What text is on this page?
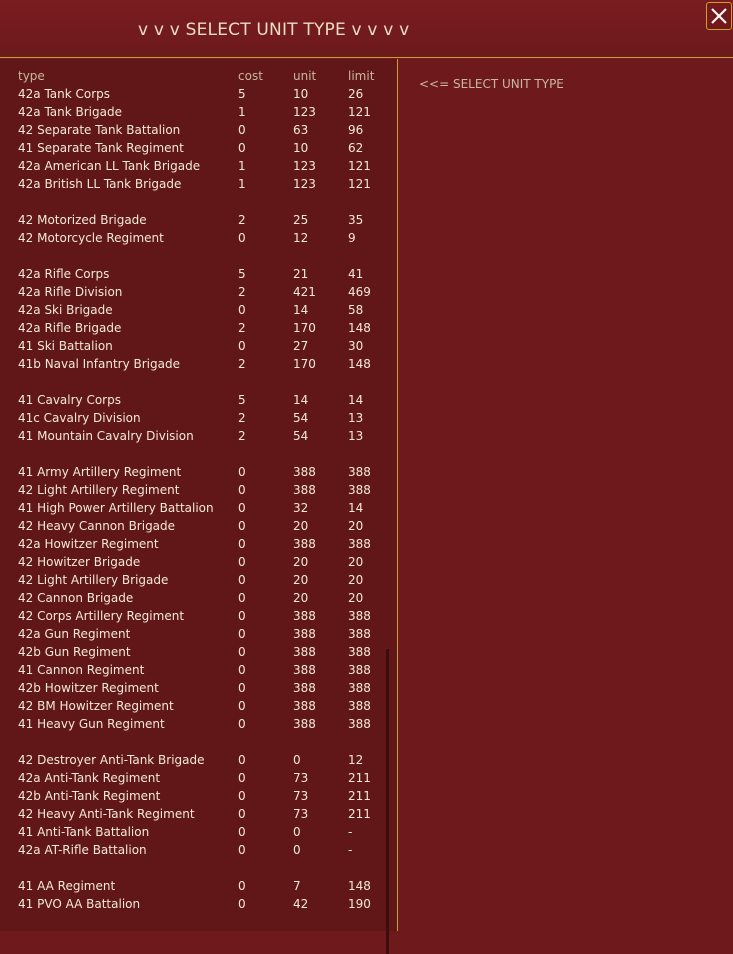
v v v SELECT UNIT TYPE v v v v
type	cost	unit	limit
42a Tank Corps	5	10	26
42a Tank Brigade	1	123	121
42 Separate Tank Battalion	0	63	96
41 Separate Tank Regiment	0	10	62
42a American LL Tank Brigade	1	123	121
42a British LL Tank Brigade	1	123	121
42 Motorized Brigade	2	25	35
42 Motorcycle Regiment	0	12	9
42a Rifle Corps	5	21	41
42a Rifle Division	2	421	469
42a Ski Brigade	0	14	58
42a Rifle Brigade	2	170	148
41 Ski Battalion	0	27	30
41b Naval Infantry Brigade	2	170	148
41 Cavalry Corps	5	14	14
41c Cavalry Division	2	54	13
41 Mountain Cavalry Division	2	54	13
41 Army Artillery Regiment	0	388	388
42 Light Artillery Regiment	0	388	388
41 High Power Artillery Battalion 0	32	14
42 Heavy Cannon Brigade	0	20	20
42a Howitzer Regiment	0	388	388
42 Howitzer Brigade	0	20	20
42 Light Artillery Brigade	0	20	20
42 Cannon Brigade	0	20	20
42 Corps Artillery Regiment	0	388	388
42a Gun Regiment	0	388	388
42b Gun Regiment	0	388	388
41 Cannon Regiment	0	388	388
42b Howitzer Regiment	0	388	388
42 BM Howitzer Regiment	0	388	388
41 Heavy Gun Regiment	0	388	388
42 Destroyer Anti-Tank Brigade	0	0	12
42a Anti-Tank Regiment	0	73	211
42b Anti-Tank Regiment	0	73	211
42 Heavy Anti-Tank Regiment	0	73	211
41 Anti-Tank Battalion	0	0	-
42a AT-Rifle Battalion	0	0	-
41 AA Regiment	0	7	148
41 PVO AA Battalion	0	42	190
<<= SELECT UNIT TYPE
